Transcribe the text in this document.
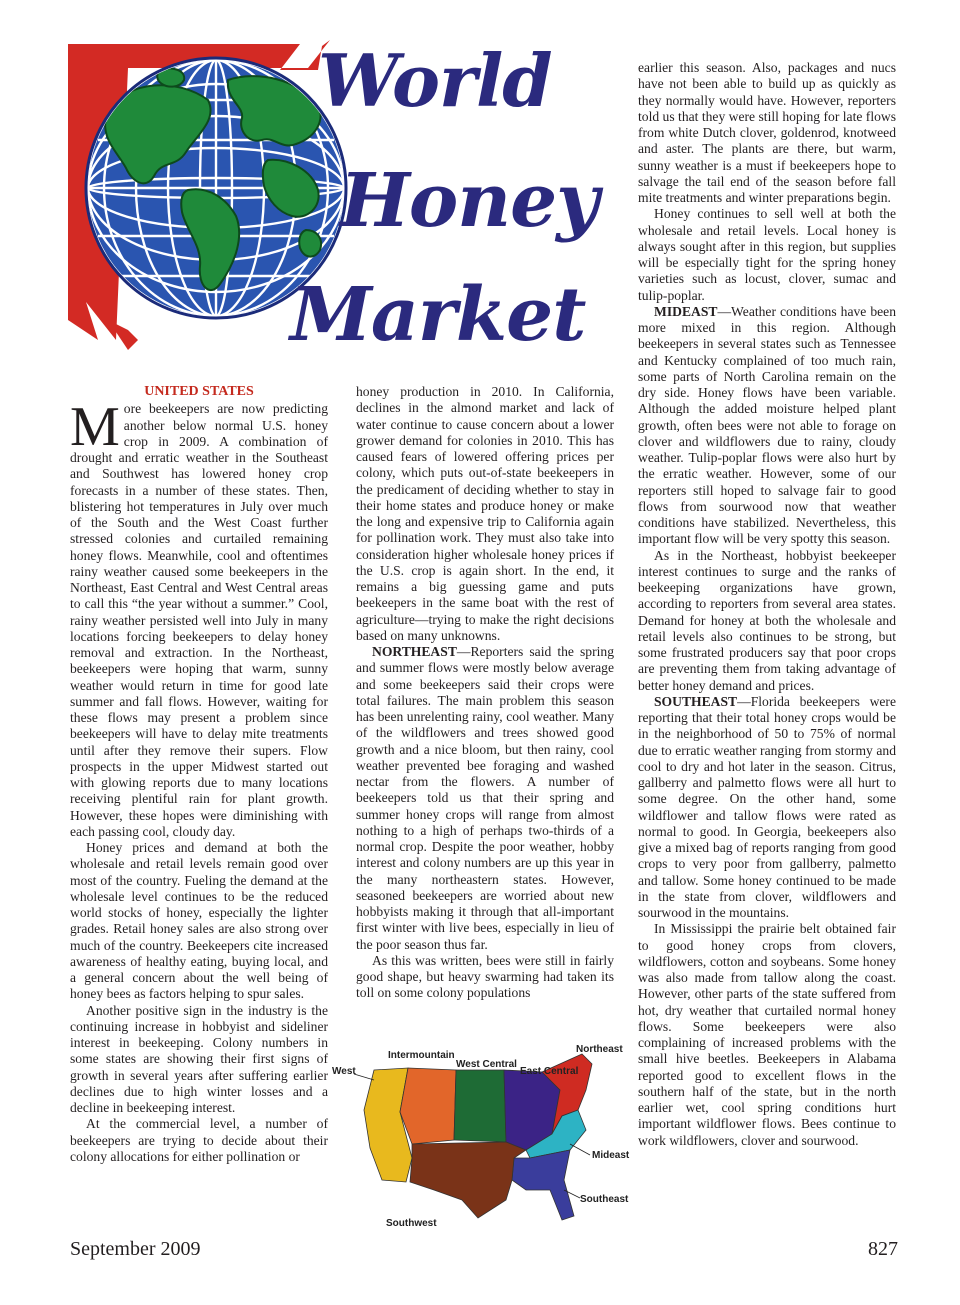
World
Honey
Market
UNITED STATES

More beekeepers are now predicting another below normal U.S. honey crop in 2009. A combination of drought and erratic weather in the Southeast and Southwest has lowered honey crop forecasts in a number of these states. Then, blistering hot temperatures in July over much of the South and the West Coast further stressed colonies and curtailed remaining honey flows. Meanwhile, cool and oftentimes rainy weather caused some beekeepers in the Northeast, East Central and West Central areas to call this “the year without a summer.” Cool, rainy weather persisted well into July in many locations forcing beekeepers to delay honey removal and extraction. In the Northeast, beekeepers were hoping that warm, sunny weather would return in time for good late summer and fall flows. However, waiting for these flows may present a problem since beekeepers will have to delay mite treatments until after they remove their supers. Flow prospects in the upper Midwest started out with glowing reports due to many locations receiving plentiful rain for plant growth. However, these hopes were diminishing with each passing cool, cloudy day.

Honey prices and demand at both the wholesale and retail levels remain good over most of the country. Fueling the demand at the wholesale level continues to be the reduced world stocks of honey, especially the lighter grades. Retail honey sales are also strong over much of the country. Beekeepers cite increased awareness of healthy eating, buying local, and a general concern about the well being of honey bees as factors helping to spur sales.

Another positive sign in the industry is the continuing increase in hobbyist and sideliner interest in beekeeping. Colony numbers in some states are showing their first signs of growth in several years after suffering earlier declines due to high winter losses and a decline in beekeeping interest.

At the commercial level, a number of beekeepers are trying to decide about their colony allocations for either pollination or

honey production in 2010. In California, declines in the almond market and lack of water continue to cause concern about a lower grower demand for colonies in 2010. This has caused fears of lowered offering prices per colony, which puts out-of-state beekeepers in the predicament of deciding whether to stay in their home states and produce honey or make the long and expensive trip to California again for pollination work. They must also take into consideration higher wholesale honey prices if the U.S. crop is again short. In the end, it remains a big guessing game and puts beekeepers in the same boat with the rest of agriculture—trying to make the right decisions based on many unknowns.

NORTHEAST—Reporters said the spring and summer flows were mostly below average and some beekeepers said their crops were total failures. The main problem this season has been unrelenting rainy, cool weather. Many of the wildflowers and trees showed good growth and a nice bloom, but then rainy, cool weather prevented bee foraging and washed nectar from the flowers. A number of beekeepers told us that their spring and summer honey crops will range from almost nothing to a high of perhaps two-thirds of a normal crop. Despite the poor weather, hobby interest and colony numbers are up this year in the many northeastern states. However, seasoned beekeepers are worried about new hobbyists making it through that all-important first winter with live bees, especially in lieu of the poor season thus far.

As this was written, bees were still in fairly good shape, but heavy swarming had taken its toll on some colony populations

Northeast
Intermountain
West Central
East Central
West
Mideast
Southeast
Southwest

earlier this season. Also, packages and nucs have not been able to build up as quickly as they normally would have. However, reporters told us that they were still hoping for late flows from white Dutch clover, goldenrod, knotweed and aster. The plants are there, but warm, sunny weather is a must if beekeepers hope to salvage the tail end of the season before fall mite treatments and winter preparations begin.

Honey continues to sell well at both the wholesale and retail levels. Local honey is always sought after in this region, but supplies will be especially tight for the spring honey varieties such as locust, clover, sumac and tulip-poplar.

MIDEAST—Weather conditions have been more mixed in this region. Although beekeepers in several states such as Tennessee and Kentucky complained of too much rain, some parts of North Carolina remain on the dry side. Honey flows have been variable. Although the added moisture helped plant growth, often bees were not able to forage on clover and wildflowers due to rainy, cloudy weather. Tulip-poplar flows were also hurt by the erratic weather. However, some of our reporters still hoped to salvage fair to good flows from sourwood now that weather conditions have stabilized. Nevertheless, this important flow will be very spotty this season.

As in the Northeast, hobbyist beekeeper interest continues to surge and the ranks of beekeeping organizations have grown, according to reporters from several area states. Demand for honey at both the wholesale and retail levels also continues to be strong, but some frustrated producers say that poor crops are preventing them from taking advantage of better honey demand and prices.

SOUTHEAST—Florida beekeepers were reporting that their total honey crops would be in the neighborhood of 50 to 75% of normal due to erratic weather ranging from stormy and cool to dry and hot later in the season. Citrus, gallberry and palmetto flows were all hurt to some degree. On the other hand, some wildflower and tallow flows were rated as normal to good. In Georgia, beekeepers also give a mixed bag of reports ranging from good crops to very poor from gallberry, palmetto and tallow. Some honey continued to be made in the state from clover, wildflowers and sourwood in the mountains.

In Mississippi the prairie belt obtained fair to good honey crops from clovers, wildflowers, cotton and soybeans. Some honey was also made from tallow along the coast. However, other parts of the state suffered from hot, dry weather that curtailed normal honey flows. Some beekeepers were also complaining of increased problems with the small hive beetles. Beekeepers in Alabama reported good to excellent flows in the southern half of the state, but in the north earlier wet, cool spring conditions hurt important wildflower flows. Bees continue to work wildflowers, clover and sourwood.

September 2009	827
